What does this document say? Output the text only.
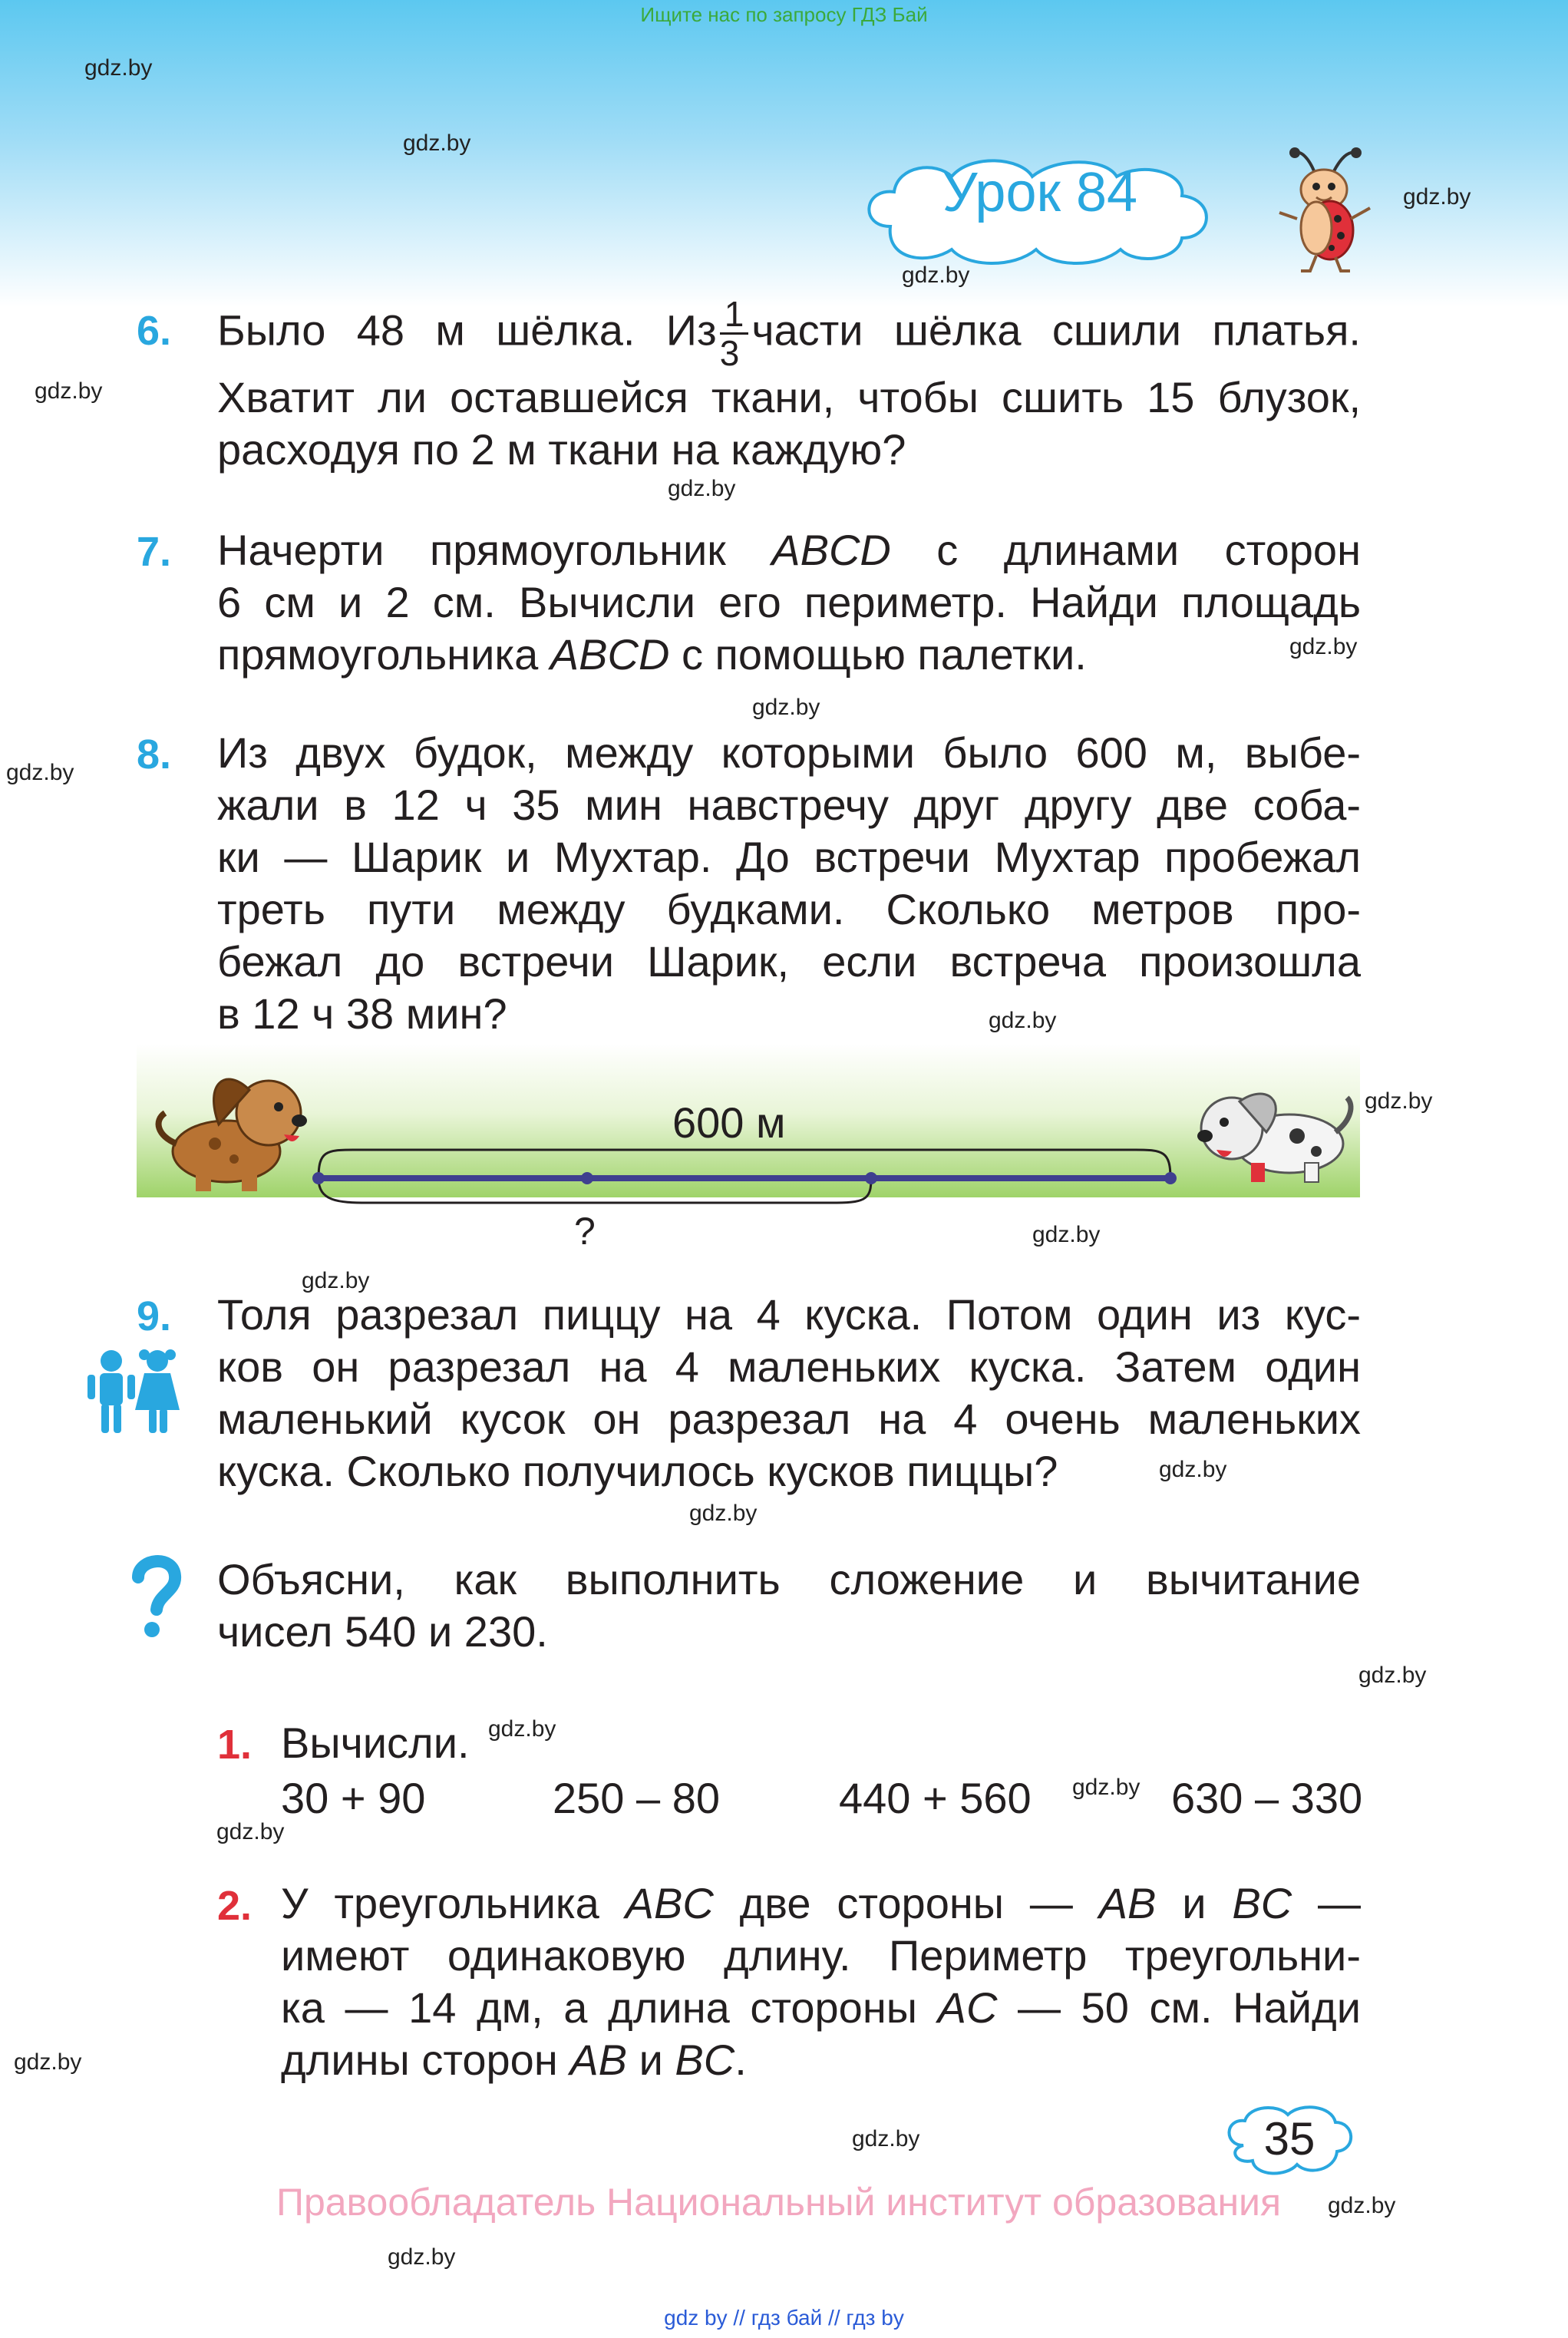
Ищите нас по запросу ГДЗ Бай
gdz.by
gdz.by
gdz.by
gdz.by
gdz.by
gdz.by
gdz.by
gdz.by
gdz.by
gdz.by
gdz.by
gdz.by
gdz.by
gdz.by
gdz.by
gdz.by
gdz.by
gdz.by
gdz.by
gdz.by
gdz.by
gdz.by
gdz.by
Урок 84
6. Было 48 м шёлка. Из $\frac{1}{3}$ части шёлка сшили платья.
Хватит ли оставшейся ткани, чтобы сшить 15 блузок,
расходуя по 2 м ткани на каждую?
7. Начерти прямоугольник ABCD с длинами сторон
6 см и 2 см. Вычисли его периметр. Найди площадь
прямоугольника ABCD с помощью палетки.
8. Из двух будок, между которыми было 600 м, выбе-
жали в 12 ч 35 мин навстречу друг другу две соба-
ки — Шарик и Мухтар. До встречи Мухтар пробежал
треть пути между будками. Сколько метров про-
бежал до встречи Шарик, если встреча произошла
в 12 ч 38 мин?
600 м
?
9. Толя разрезал пиццу на 4 куска. Потом один из кус-
ков он разрезал на 4 маленьких куска. Затем один
маленький кусок он разрезал на 4 очень маленьких
куска. Сколько получилось кусков пиццы?
Объясни, как выполнить сложение и вычитание
чисел 540 и 230.
1. Вычисли.
30 + 90	250 – 80	440 + 560	630 – 330
2. У треугольника ABC две стороны — AB и BC —
имеют одинаковую длину. Периметр треугольни-
ка — 14 дм, а длина стороны AC — 50 см. Найди
длины сторон AB и BC.
35
Правообладатель Национальный институт образования
gdz by // гдз бай // гдз by
